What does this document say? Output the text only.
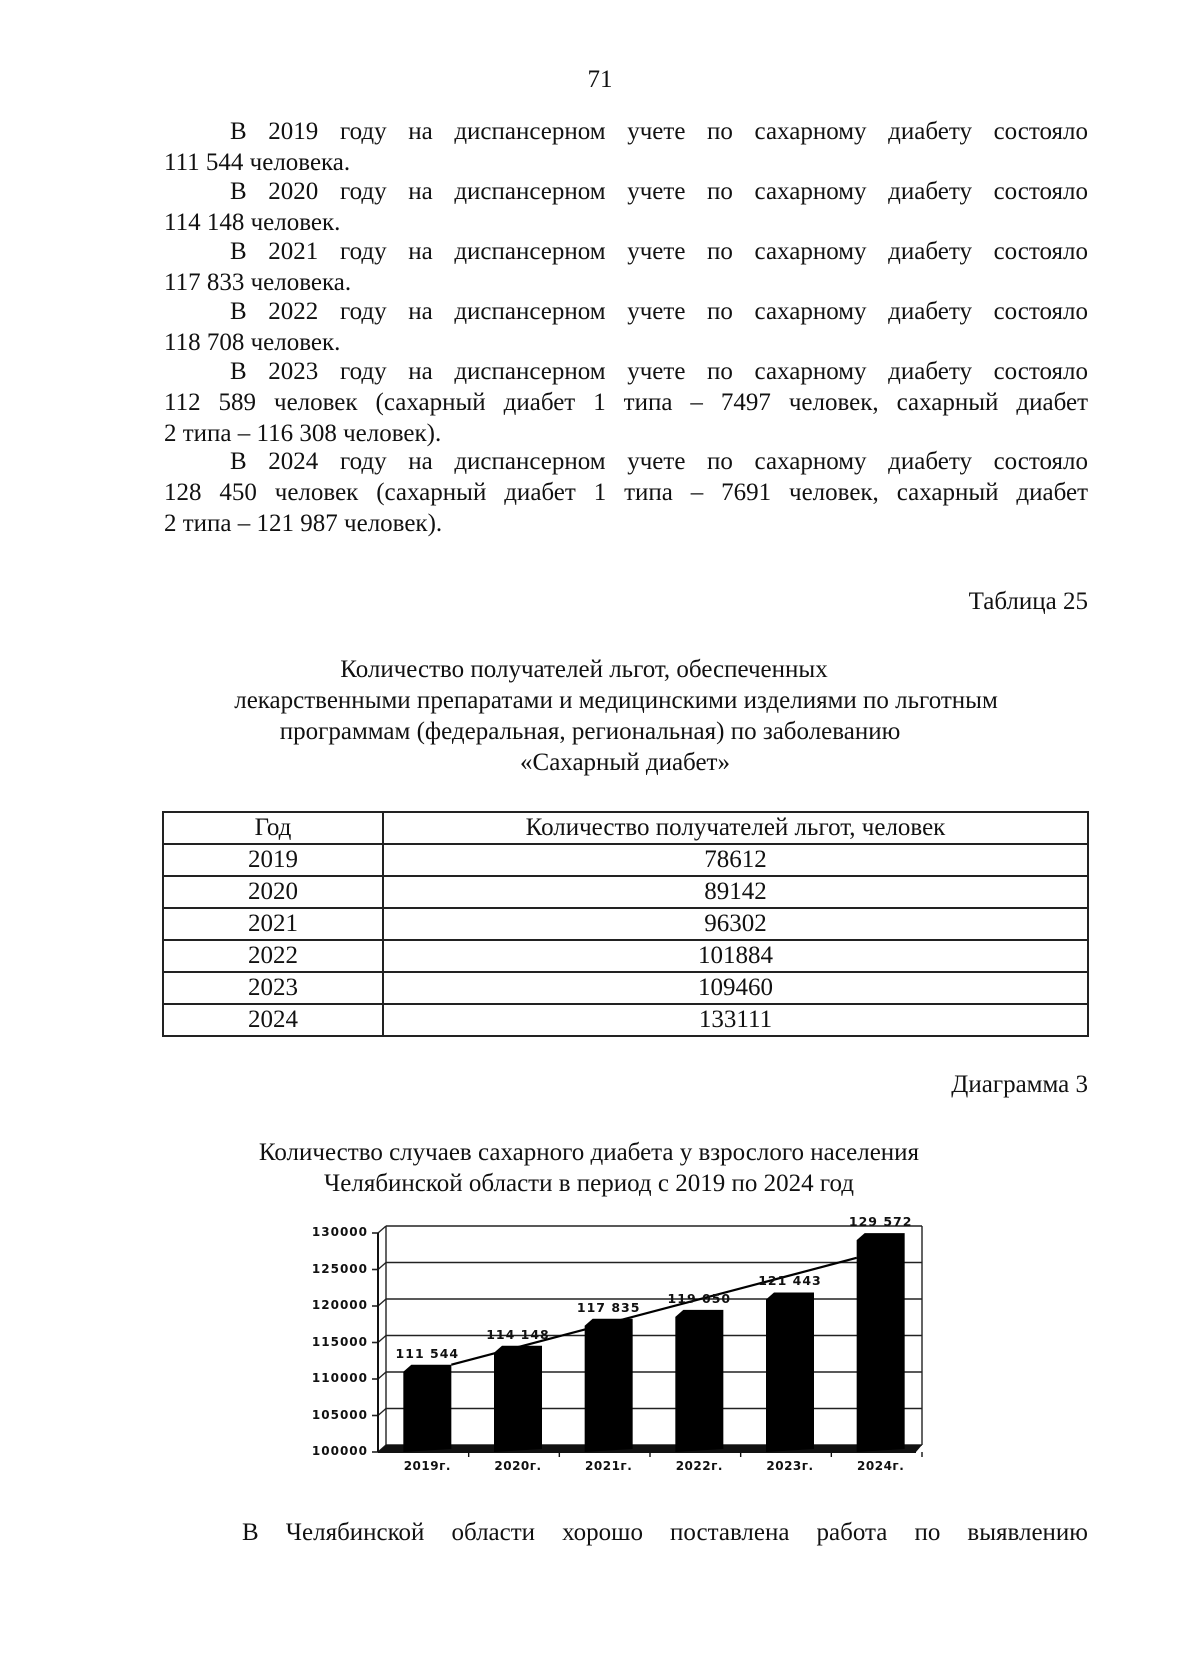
71
В 2019 году на диспансерном учете по сахарному диабету состояло
111 544 человека.
В 2020 году на диспансерном учете по сахарному диабету состояло
114 148 человек.
В 2021 году на диспансерном учете по сахарному диабету состояло
117 833 человека.
В 2022 году на диспансерном учете по сахарному диабету состояло
118 708 человек.
В 2023 году на диспансерном учете по сахарному диабету состояло
112 589 человек (сахарный диабет 1 типа – 7497 человек, сахарный диабет
2 типа – 116 308 человек).
В 2024 году на диспансерном учете по сахарному диабету состояло
128 450 человек (сахарный диабет 1 типа – 7691 человек, сахарный диабет
2 типа – 121 987 человек).
Таблица 25
Количество получателей льгот, обеспеченных
лекарственными препаратами и медицинскими изделиями по льготным
программам (федеральная, региональная) по заболеванию
«Сахарный диабет»
Год	Количество получателей льгот, человек
2019	78612
2020	89142
2021	96302
2022	101884
2023	109460
2024	133111
Диаграмма 3
Количество случаев сахарного диабета у взрослого населения
Челябинской области в период с 2019 по 2024 год
130000
125000
120000
115000
110000
105000
100000
2019г.	2020г.	2021г.	2022г.	2023г.	2024г.
111 544
114 148
117 835
119 050
121 443
129 572
В Челябинской области хорошо поставлена работа по выявлению
